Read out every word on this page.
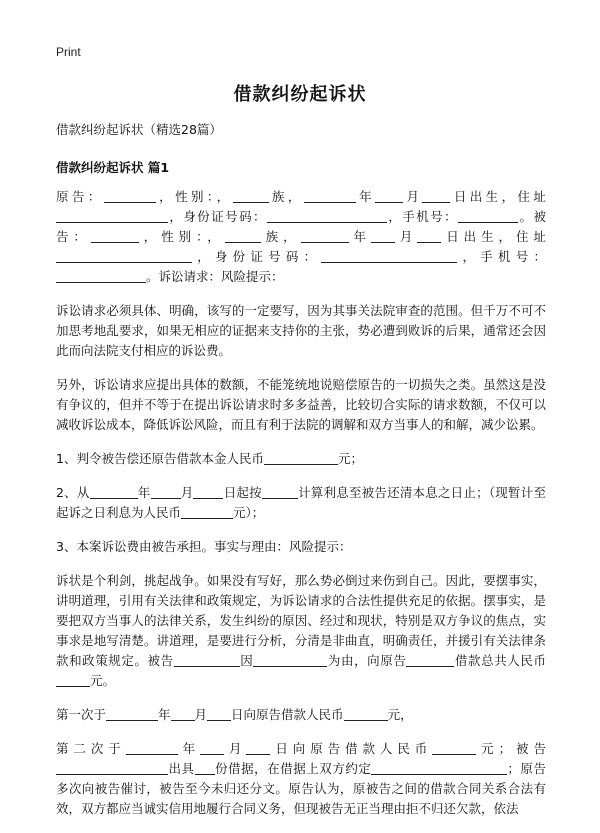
Print
借款纠纷起诉状
借款纠纷起诉状（精选28篇）
借款纠纷起诉状 篇1

原告：	，性别：，	族，	年 月 日出生，住址，身份证号码：	，手机号：	。被告：	，性别：，	族，	年 月 日出生，住址，身份证号码：	，手机号：。诉讼请求：风险提示：

诉讼请求必须具体、明确，该写的一定要写，因为其事关法院审查的范围。但千万不可不加思考地乱要求，如果无相应的证据来支持你的主张，势必遭到败诉的后果，通常还会因此而向法院支付相应的诉讼费。

另外，诉讼请求应提出具体的数额，不能笼统地说赔偿原告的一切损失之类。虽然这是没有争议的，但并不等于在提出诉讼请求时多多益善，比较切合实际的请求数额，不仅可以减收诉讼成本，降低诉讼风险，而且有利于法院的调解和双方当事人的和解，减少讼累。

1、判令被告偿还原告借款本金人民币	元；

2、从	年 月 日起按	计算利息至被告还清本息之日止；（现暂计至起诉之日利息为人民币	元）；

3、本案诉讼费由被告承担。事实与理由：风险提示：

诉状是个利剑，挑起战争。如果没有写好，那么势必倒过来伤到自己。因此，要摆事实，讲明道理，引用有关法律和政策规定，为诉讼请求的合法性提供充足的依据。摆事实，是要把双方当事人的法律关系，发生纠纷的原因、经过和现状，特别是双方争议的焦点，实事求是地写清楚。讲道理，是要进行分析，分清是非曲直，明确责任，并援引有关法律条款和政策规定。被告	因	为由，向原告	借款总共人民币元。

第一次于	年 月 日向原告借款人民币	元，

第二次于	年 月 日向原告借款人民币	元；被告出具 份借据，在借据上双方约定	；原告多次向被告催讨，被告至今未归还分文。原告认为，原被告之间的借款合同关系合法有效，双方都应当诚实信用地履行合同义务，但现被告无正当理由拒不归还欠款，依法
